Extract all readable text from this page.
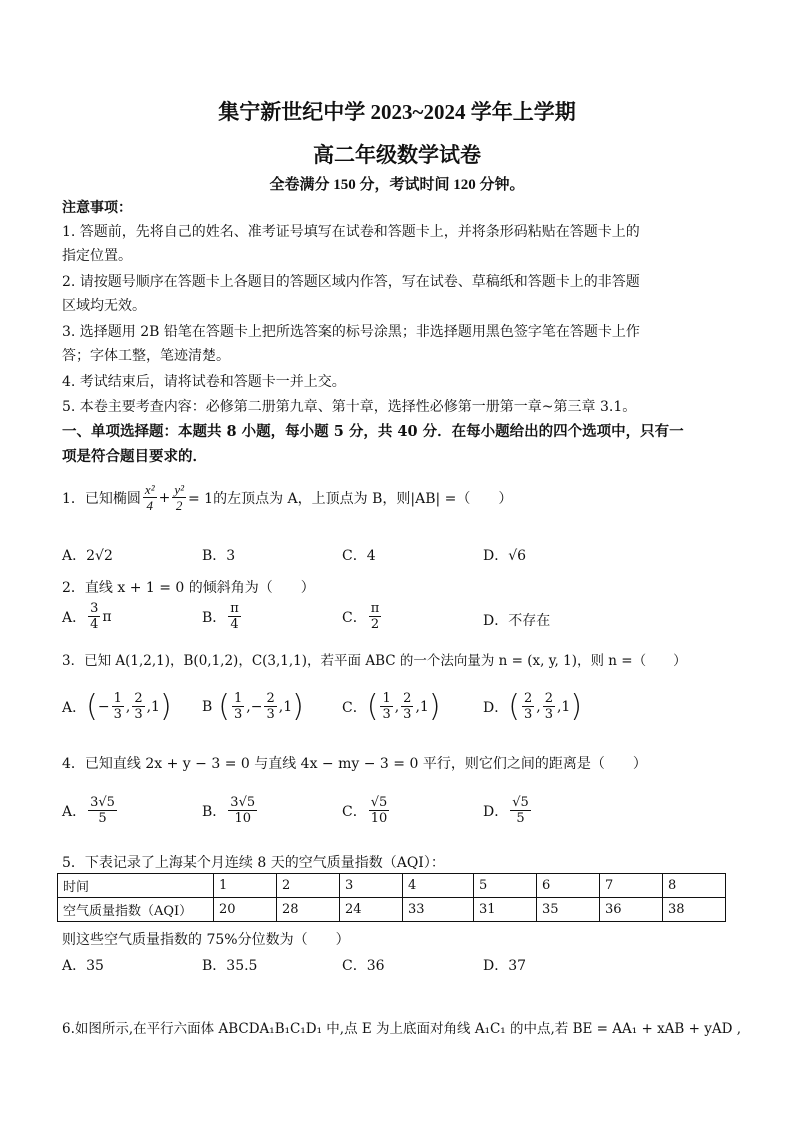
集宁新世纪中学 2023~2024 学年上学期
高二年级数学试卷
全卷满分 150 分，考试时间 120 分钟。
注意事项：
1. 答题前，先将自己的姓名、准考证号填写在试卷和答题卡上，并将条形码粘贴在答题卡上的
指定位置。
2. 请按题号顺序在答题卡上各题目的答题区域内作答，写在试卷、草稿纸和答题卡上的非答题
区域均无效。
3. 选择题用 2B 铅笔在答题卡上把所选答案的标号涂黑；非选择题用黑色签字笔在答题卡上作
答；字体工整，笔迹清楚。
4. 考试结束后，请将试卷和答题卡一并上交。
5. 本卷主要考查内容：必修第二册第九章、第十章，选择性必修第一册第一章~第三章 3.1。
一、单项选择题：本题共 8 小题，每小题 5 分，共 40 分．在每小题给出的四个选项中，只有一
项是符合题目要求的．
1．已知椭圆 $\frac{\text{x²}}{4} + \frac{\text{y²}}{2} = 1$的左顶点为 A，上顶点为 B，则|AB| =（　　）
A．2√2	B．3	C．4	D．√6
2．直线 x + 1 = 0 的倾斜角为（　　）
A． $\frac{3}{4}$ π	B． $\frac{\pi}{4}$	C． $\frac{\pi}{2}$	D．不存在
3．已知 A(1,2,1)，B(0,1,2)，C(3,1,1)，若平面 ABC 的一个法向量为 n = (x, y, 1)，则 n =（　　）
A． ( − $\frac{1}{3}$ , $\frac{2}{3} ,1$ ) B ( $\frac{1}{3}$ ,− $\frac{2}{3} ,1$ )	C． ( $\frac{1}{3}$ , $\frac{2}{3} ,1$ )	D． ( $\frac{2}{3}$ , $\frac{2}{3} ,1$ )
4．已知直线 2x + y − 3 = 0 与直线 4x − my − 3 = 0 平行，则它们之间的距离是（　　）
A． $\frac{3√5}{5}$	B． $\frac{3√5}{10}$	C． $\frac{√5}{10}$	D． $\frac{√5}{5}$
5．下表记录了上海某个月连续 8 天的空气质量指数（AQI）：
时间	1	2	3	4	5	6	7	8
空气质量指数（AQI）	20	28	24	33	31	35	36	38
则这些空气质量指数的 75%分位数为（　　）
A．35	B．35.5	C．36	D．37
6.如图所示,在平行六面体 ABCDA₁B₁C₁D₁ 中,点 E 为上底面对角线 A₁C₁ 的中点,若 BE = AA₁ + xAB + yAD ,
